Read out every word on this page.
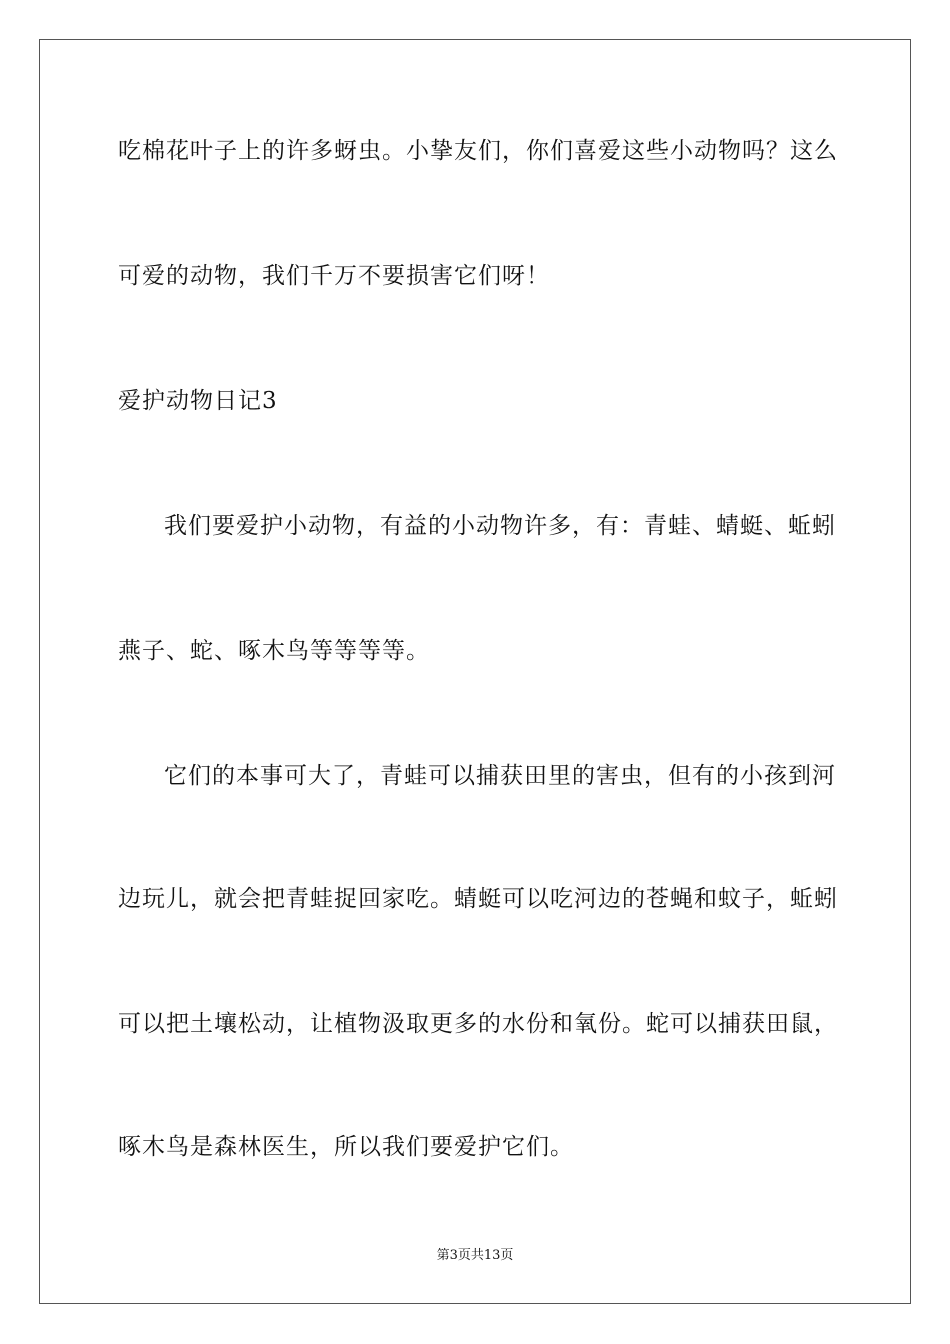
吃棉花叶子上的许多蚜虫。小挚友们，你们喜爱这些小动物吗？这么
可爱的动物，我们千万不要损害它们呀！
爱护动物日记3
我们要爱护小动物，有益的小动物许多，有：青蛙、蜻蜓、蚯蚓
燕子、蛇、啄木鸟等等等等。
它们的本事可大了，青蛙可以捕获田里的害虫，但有的小孩到河
边玩儿，就会把青蛙捉回家吃。蜻蜓可以吃河边的苍蝇和蚊子，蚯蚓
可以把土壤松动，让植物汲取更多的水份和氧份。蛇可以捕获田鼠，
啄木鸟是森林医生，所以我们要爱护它们。
第3页共13页
